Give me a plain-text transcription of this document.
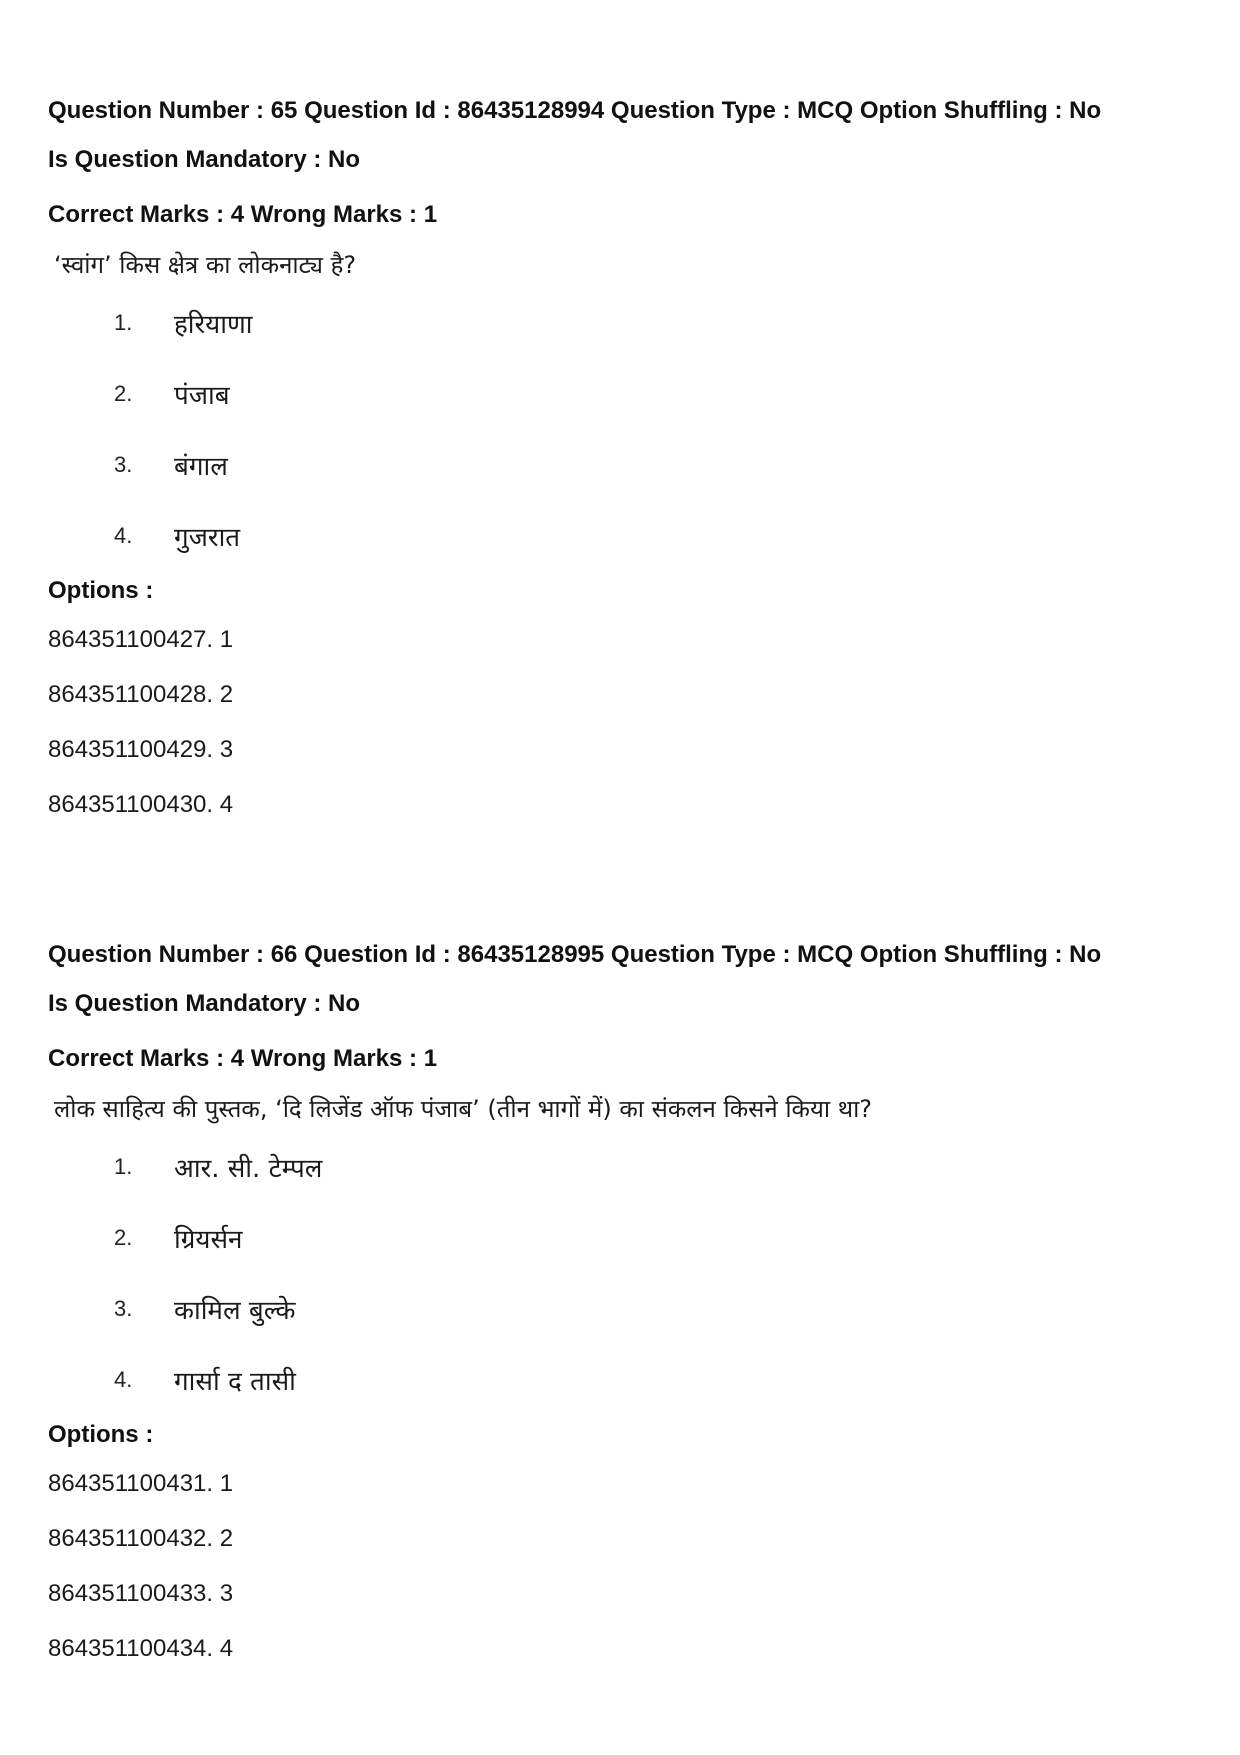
Question Number : 65 Question Id : 86435128994 Question Type : MCQ Option Shuffling : No

Is Question Mandatory : No

Correct Marks : 4 Wrong Marks : 1

‘स्वांग’ किस क्षेत्र का लोकनाट्य है?

1.	हरियाणा
2.	पंजाब
3.	बंगाल
4.	गुजरात

Options :

864351100427. 1

864351100428. 2

864351100429. 3

864351100430. 4

Question Number : 66 Question Id : 86435128995 Question Type : MCQ Option Shuffling : No

Is Question Mandatory : No

Correct Marks : 4 Wrong Marks : 1

लोक साहित्य की पुस्तक, ‘दि लिजेंड ऑफ पंजाब’ (तीन भागों में) का संकलन किसने किया था?

1.	आर. सी. टेम्पल
2.	ग्रियर्सन
3.	कामिल बुल्के
4.	गार्सा द तासी

Options :

864351100431. 1

864351100432. 2

864351100433. 3

864351100434. 4
